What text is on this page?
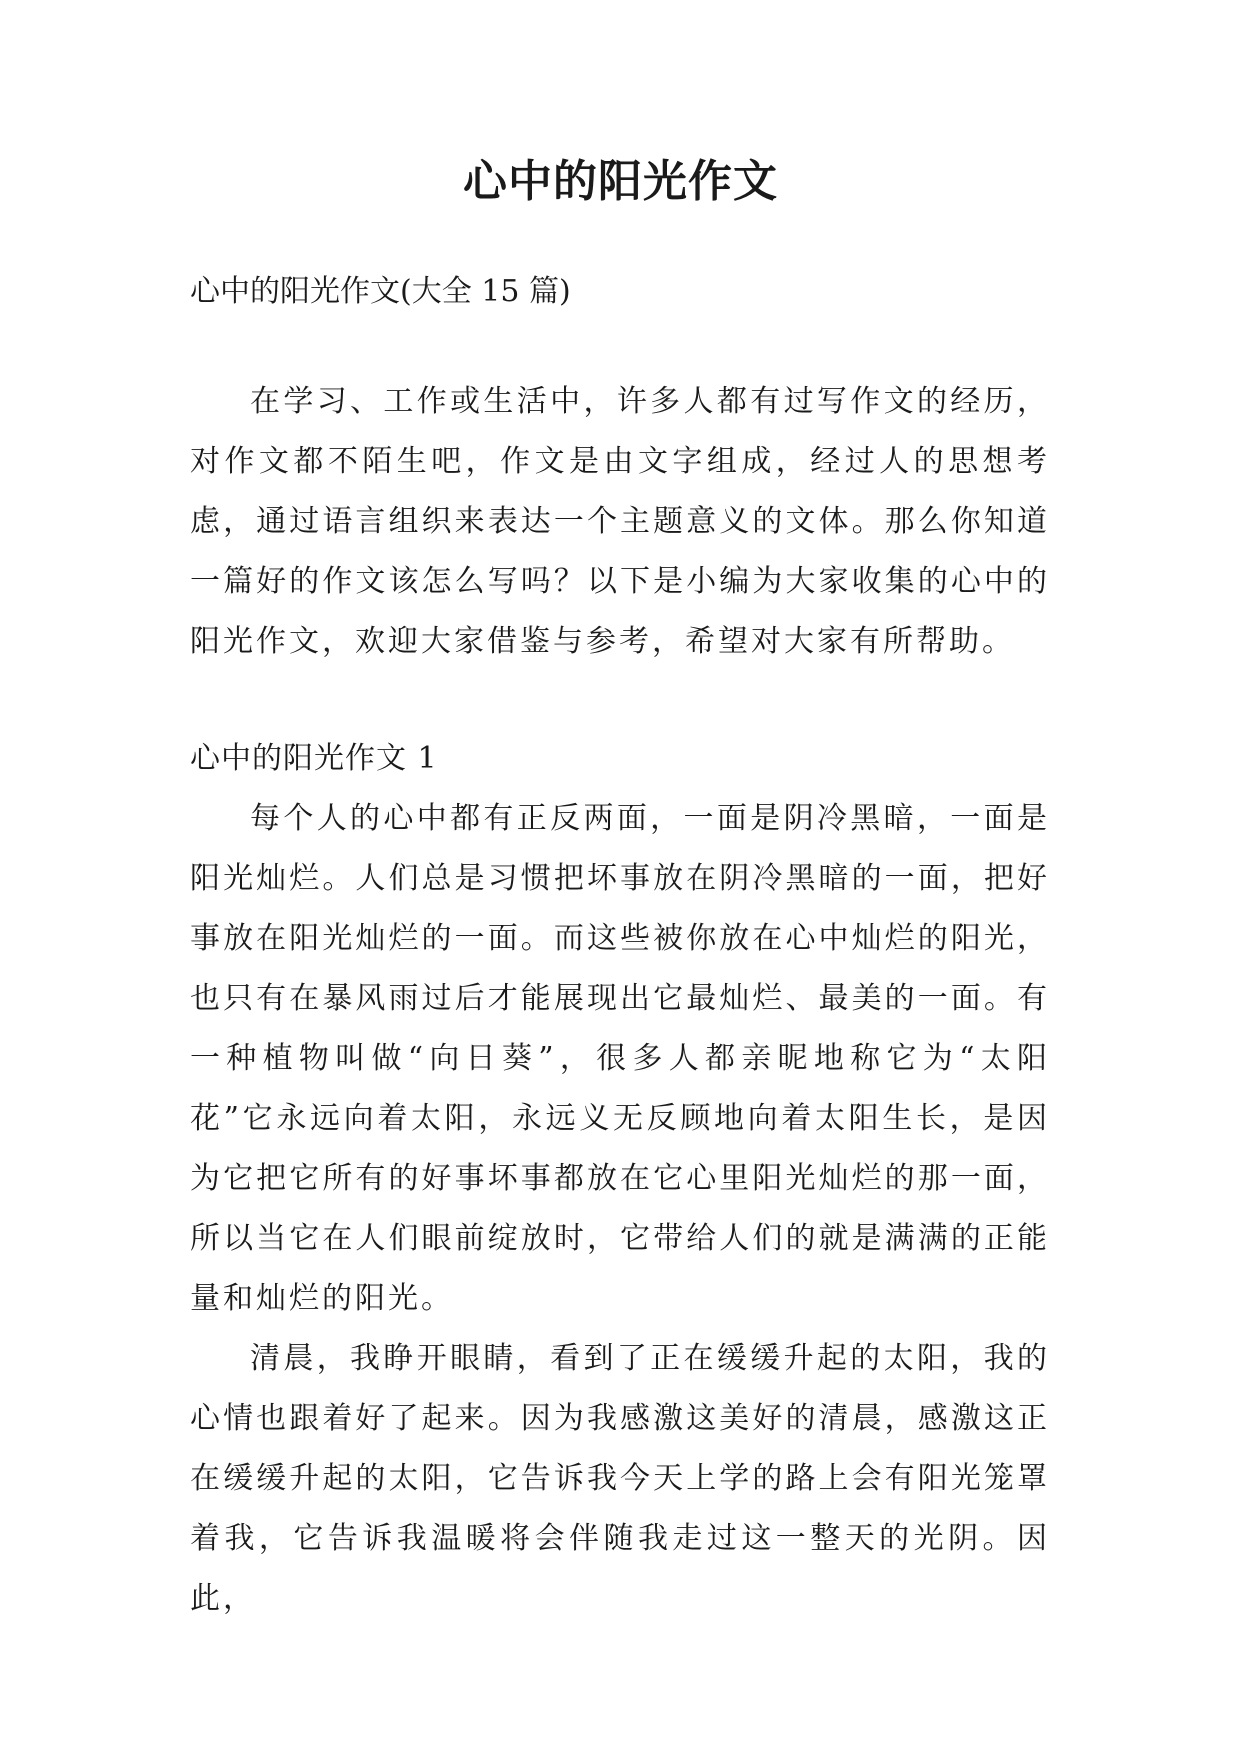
心中的阳光作文

心中的阳光作文(大全 15 篇)

在学习、工作或生活中，许多人都有过写作文的经历，对作文都不陌生吧，作文是由文字组成，经过人的思想考虑，通过语言组织来表达一个主题意义的文体。那么你知道一篇好的作文该怎么写吗？以下是小编为大家收集的心中的阳光作文，欢迎大家借鉴与参考，希望对大家有所帮助。

心中的阳光作文 1

每个人的心中都有正反两面，一面是阴冷黑暗，一面是阳光灿烂。人们总是习惯把坏事放在阴冷黑暗的一面，把好事放在阳光灿烂的一面。而这些被你放在心中灿烂的阳光，也只有在暴风雨过后才能展现出它最灿烂、最美的一面。有一种植物叫做“向日葵”，很多人都亲昵地称它为“太阳花”它永远向着太阳，永远义无反顾地向着太阳生长，是因为它把它所有的好事坏事都放在它心里阳光灿烂的那一面，所以当它在人们眼前绽放时，它带给人们的就是满满的正能量和灿烂的阳光。

清晨，我睁开眼睛，看到了正在缓缓升起的太阳，我的心情也跟着好了起来。因为我感激这美好的清晨，感激这正在缓缓升起的太阳，它告诉我今天上学的路上会有阳光笼罩着我，它告诉我温暖将会伴随我走过这一整天的光阴。因此，
